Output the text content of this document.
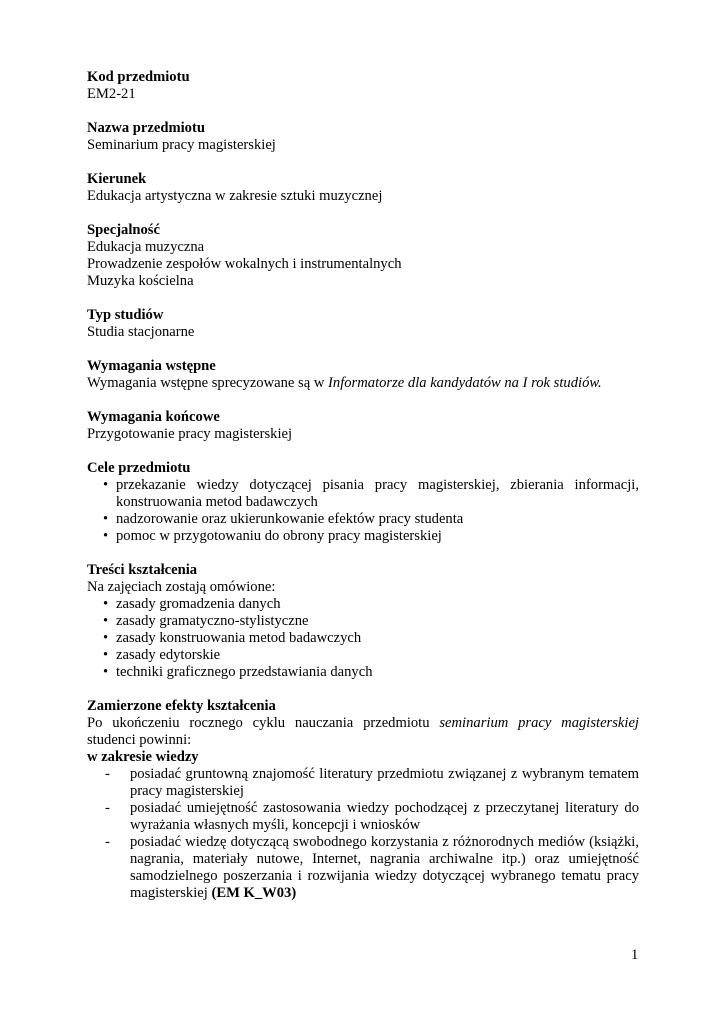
Kod przedmiotu
EM2-21
Nazwa przedmiotu
Seminarium pracy magisterskiej
Kierunek
Edukacja artystyczna w zakresie sztuki muzycznej
Specjalność
Edukacja muzyczna
Prowadzenie zespołów wokalnych i instrumentalnych
Muzyka kościelna
Typ studiów
Studia stacjonarne
Wymagania wstępne
Wymagania wstępne sprecyzowane są w Informatorze dla kandydatów na I rok studiów.
Wymagania końcowe
Przygotowanie pracy magisterskiej
Cele przedmiotu
• przekazanie wiedzy dotyczącej pisania pracy magisterskiej, zbierania informacji, konstruowania metod badawczych
• nadzorowanie oraz ukierunkowanie efektów pracy studenta
• pomoc w przygotowaniu do obrony pracy magisterskiej
Treści kształcenia
Na zajęciach zostają omówione:
• zasady gromadzenia danych
• zasady gramatyczno-stylistyczne
• zasady konstruowania metod badawczych
• zasady edytorskie
• techniki graficznego przedstawiania danych
Zamierzone efekty kształcenia
Po ukończeniu rocznego cyklu nauczania przedmiotu seminarium pracy magisterskiej
studenci powinni:
w zakresie wiedzy
- posiadać gruntowną znajomość literatury przedmiotu związanej z wybranym tematem pracy magisterskiej
- posiadać umiejętność zastosowania wiedzy pochodzącej z przeczytanej literatury do wyrażania własnych myśli, koncepcji i wniosków
- posiadać wiedzę dotyczącą swobodnego korzystania z różnorodnych mediów (książki, nagrania, materiały nutowe, Internet, nagrania archiwalne itp.) oraz umiejętność samodzielnego poszerzania i rozwijania wiedzy dotyczącej wybranego tematu pracy magisterskiej (EM K_W03)
1
